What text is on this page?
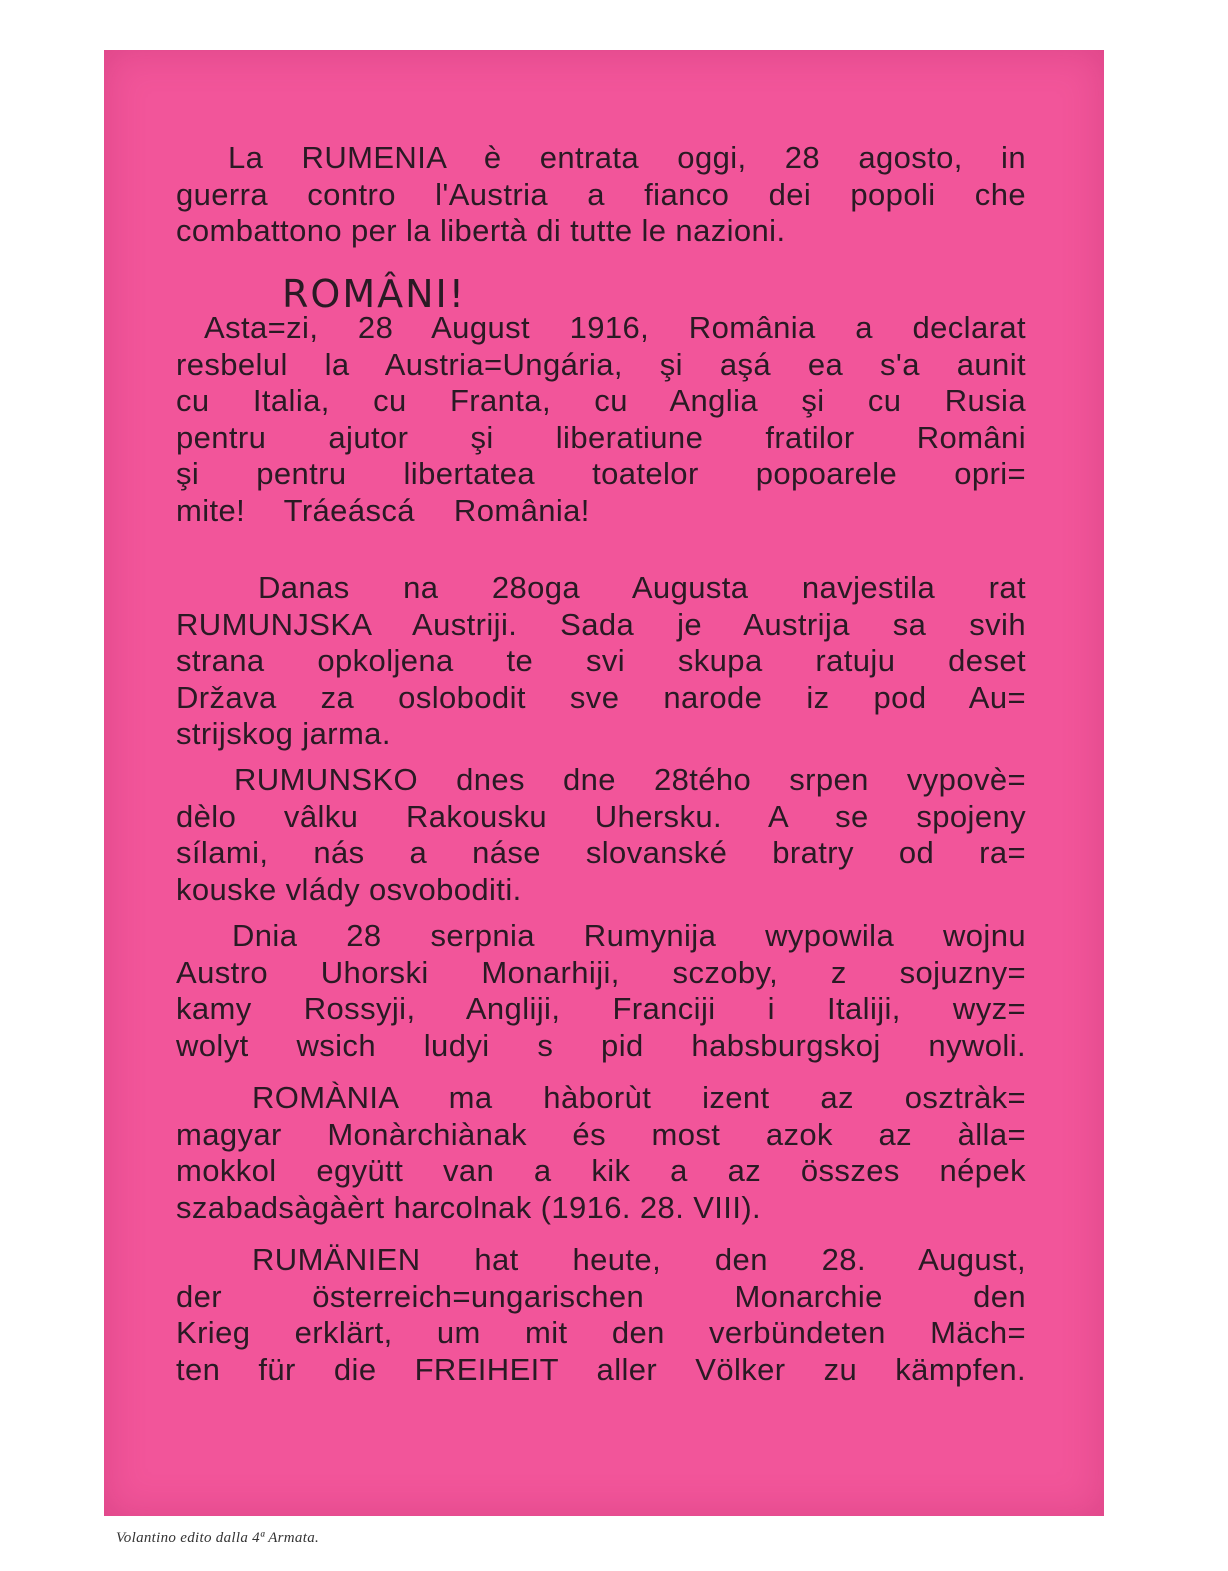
La RUMENIA è entrata oggi, 28 agosto, in
guerra contro l'Austria a fianco dei popoli che
combattono per la libertà di tutte le nazioni.

ROMÂNI!

Asta=zi, 28 August 1916, România a declarat
resbelul la Austria=Ungária, şi aşá ea s'a aunit
cu Italia, cu Franta, cu Anglia şi cu Rusia
pentru ajutor şi liberatiune fratilor Români
şi pentru libertatea toatelor popoarele opri=
mite! Tráeáscá România!

Danas na 28oga Augusta navjestila rat
RUMUNJSKA Austriji. Sada je Austrija sa svih
strana opkoljena te svi skupa ratuju deset
Državа za oslobodit sve narode iz pod Au=
strijskog jarma.

RUMUNSKO dnes dne 28tého srpen vypovè=
dèlo vâlku Rakousku Uhersku. A se spojeny
sílami, nás a náse slovanské bratry od ra=
kouske vlády osvoboditi.

Dnia 28 serpnia Rumynija wypowila wojnu
Austro Uhorski Monarhiji, sczoby, z sojuzny=
kamy Rossyji, Angliji, Franciji i Italiji, wyz=
wolyt wsich ludyi s pid habsburgskoj nywoli.

ROMÀNIA ma hàborùt izent az osztràk=
magyar Monàrchiànak és most azok az àlla=
mokkol együtt van a kik a az összes népek
szabadsàgàèrt harcolnak (1916. 28. VIII).

RUMÄNIEN hat heute, den 28. August,
der österreich=ungarischen Monarchie den
Krieg erklärt, um mit den verbündeten Mäch=
ten für die FREIHEIT aller Völker zu kämpfen.

Volantino edito dalla 4ª Armata.
